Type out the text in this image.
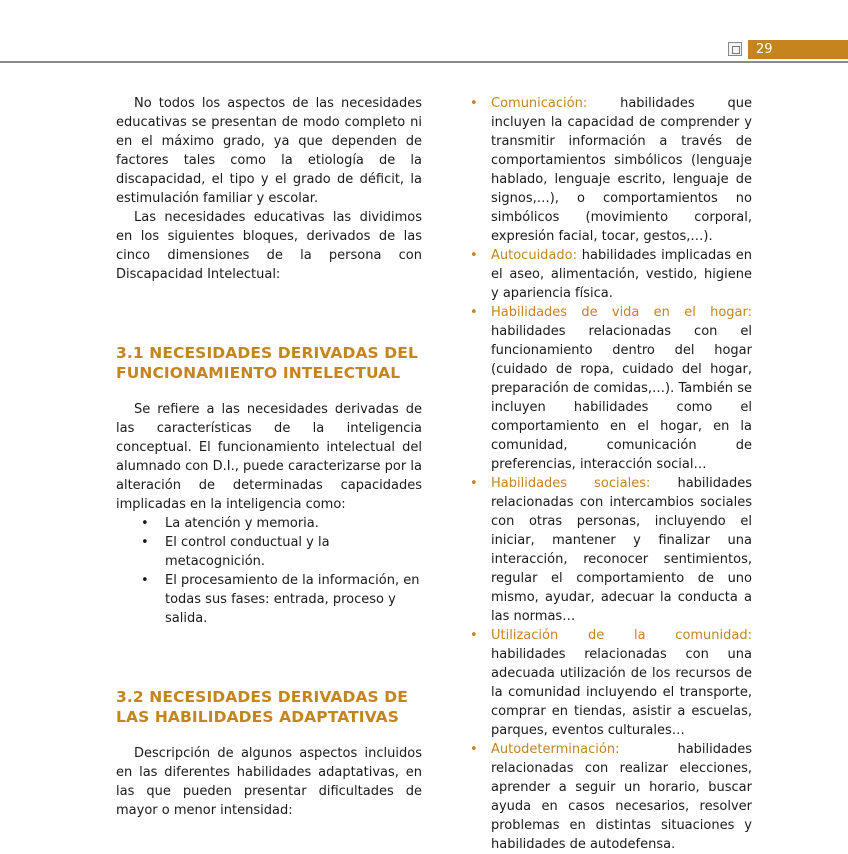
29

No todos los aspectos de las necesidades educativas se presentan de modo completo ni en el máximo grado, ya que dependen de factores tales como la etiología de la discapacidad, el tipo y el grado de déficit, la estimulación familiar y escolar.

Las necesidades educativas las dividimos en los siguientes bloques, derivados de las cinco dimensiones de la persona con Discapacidad Intelectual:

3.1 NECESIDADES DERIVADAS DEL FUNCIONAMIENTO INTELECTUAL

Se refiere a las necesidades derivadas de las características de la inteligencia conceptual. El funcionamiento intelectual del alumnado con D.I., puede caracterizarse por la alteración de determinadas capacidades implicadas en la inteligencia como:

• La atención y memoria.
• El control conductual y la metacognición.
• El procesamiento de la información, en todas sus fases: entrada, proceso y salida.
3.2 NECESIDADES DERIVADAS DE LAS HABILIDADES ADAPTATIVAS

Descripción de algunos aspectos incluidos en las diferentes habilidades adaptativas, en las que pueden presentar dificultades de mayor o menor intensidad:

• Comunicación: habilidades que incluyen la capacidad de comprender y transmitir información a través de comportamientos simbólicos (lenguaje hablado, lenguaje escrito, lenguaje de signos,…), o comportamientos no simbólicos (movimiento corporal, expresión facial, tocar, gestos,…).
• Autocuidado: habilidades implicadas en el aseo, alimentación, vestido, higiene y apariencia física.
• Habilidades de vida en el hogar: habilidades relacionadas con el funcionamiento dentro del hogar (cuidado de ropa, cuidado del hogar, preparación de comidas,…). También se incluyen habilidades como el comportamiento en el hogar, en la comunidad, comunicación de preferencias, interacción social…
• Habilidades sociales: habilidades relacionadas con intercambios sociales con otras personas, incluyendo el iniciar, mantener y finalizar una interacción, reconocer sentimientos, regular el comportamiento de uno mismo, ayudar, adecuar la conducta a las normas…
• Utilización de la comunidad: habilidades relacionadas con una adecuada utilización de los recursos de la comunidad incluyendo el transporte, comprar en tiendas, asistir a escuelas, parques, eventos culturales…
• Autodeterminación: habilidades relacionadas con realizar elecciones, aprender a seguir un horario, buscar ayuda en casos necesarios, resolver problemas en distintas situaciones y habilidades de autodefensa.
